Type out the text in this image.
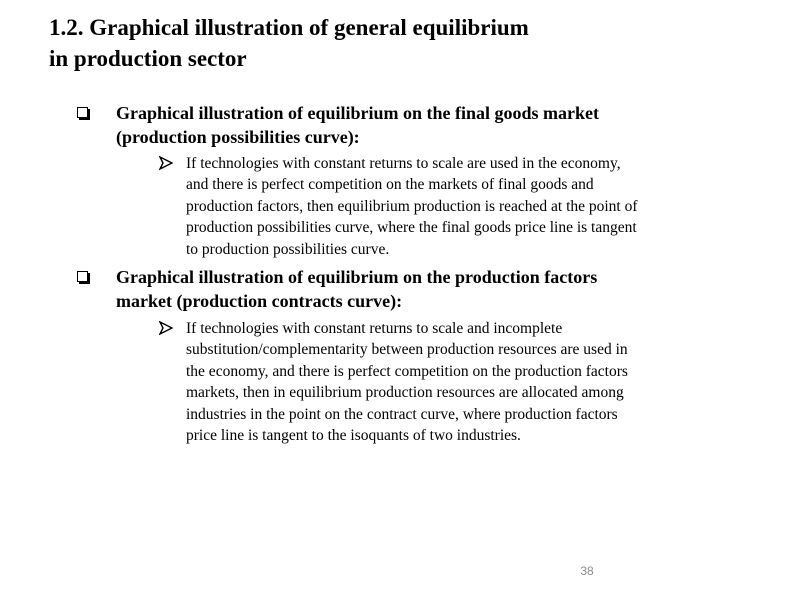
1.2. Graphical illustration of general equilibrium
in production sector
Graphical illustration of equilibrium on the final goods market
(production possibilities curve):
If technologies with constant returns to scale are used in the economy,
and there is perfect competition on the markets of final goods and
production factors, then equilibrium production is reached at the point of
production possibilities curve, where the final goods price line is tangent
to production possibilities curve.
Graphical illustration of equilibrium on the production factors
market (production contracts curve):
If technologies with constant returns to scale and incomplete
substitution/complementarity between production resources are used in
the economy, and there is perfect competition on the production factors
markets, then in equilibrium production resources are allocated among
industries in the point on the contract curve, where production factors
price line is tangent to the isoquants of two industries.
38
